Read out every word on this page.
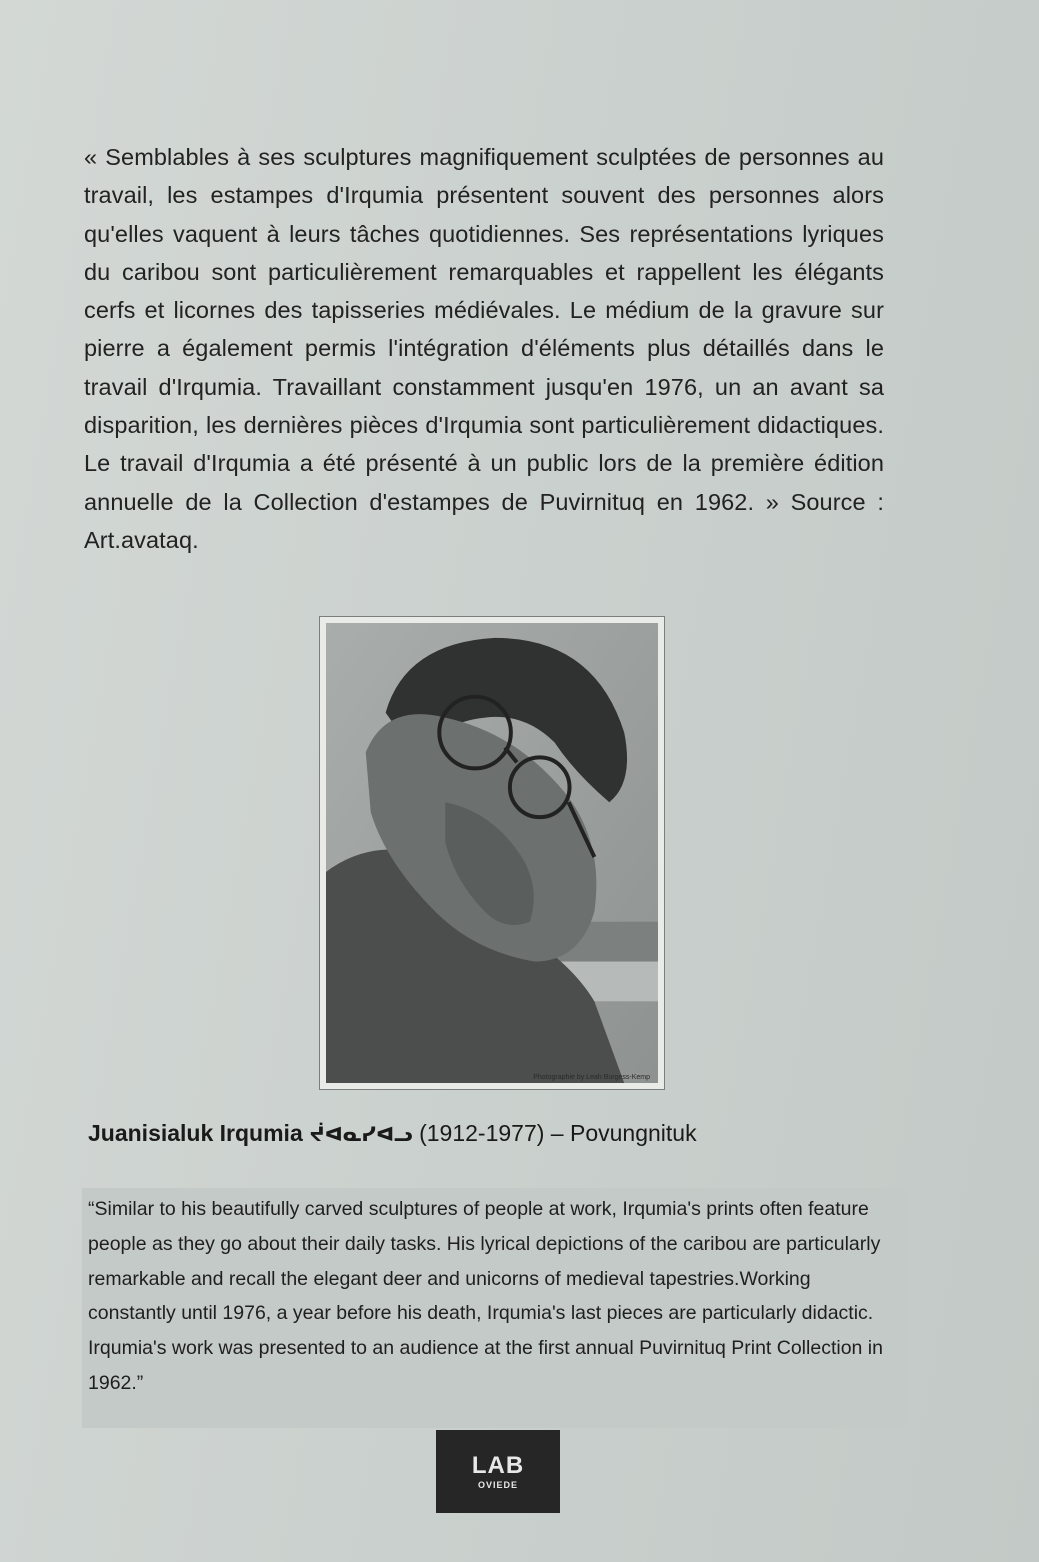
« Semblables à ses sculptures magnifiquement sculptées de personnes au travail, les estampes d'Irqumia présentent souvent des personnes alors qu'elles vaquent à leurs tâches quotidiennes. Ses représentations lyriques du caribou sont particulièrement remarquables et rappellent les élégants cerfs et licornes des tapisseries médiévales. Le médium de la gravure sur pierre a également permis l'intégration d'éléments plus détaillés dans le travail d'Irqumia. Travaillant constamment jusqu'en 1976, un an avant sa disparition, les dernières pièces d'Irqumia sont particulièrement didactiques. Le travail d'Irqumia a été présenté à un public lors de la première édition annuelle de la Collection d'estampes de Puvirnituq en 1962. » Source : Art.avataq.

Photographie by Leah Burgess-Kemp
Juanisialuk Irqumia ᔫᐊᓇᓯᐊᓗ (1912-1977) – Povungnituk

“Similar to his beautifully carved sculptures of people at work, Irqumia's prints often feature people as they go about their daily tasks. His lyrical depictions of the caribou are particularly remarkable and recall the elegant deer and unicorns of medieval tapestries.Working constantly until 1976, a year before his death, Irqumia's last pieces are particularly didactic. Irqumia's work was presented to an audience at the first annual Puvirnituq Print Collection in 1962.”

LAB
OVIEDE
